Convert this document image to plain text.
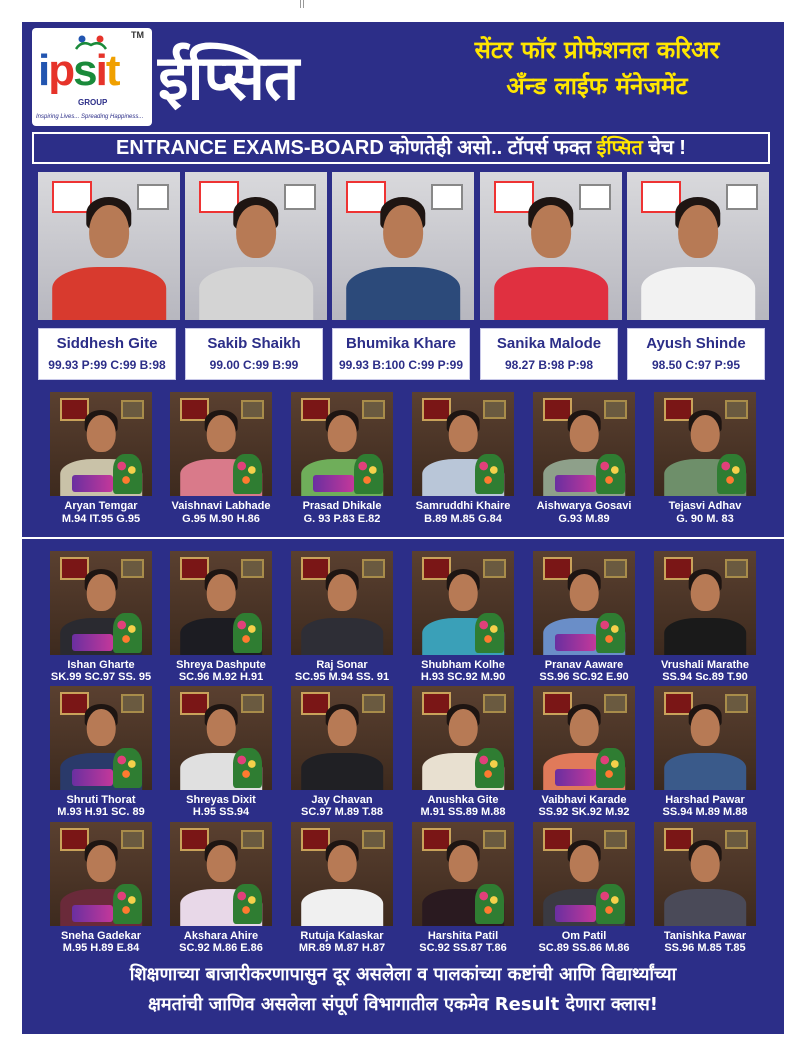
TM
ipsit
GROUP
Inspiring Lives... Spreading Happiness...
ईप्सित	सेंटर फॉर प्रोफेशनल करिअर
अँन्ड लाईफ मॅनेजमेंट
ENTRANCE EXAMS-BOARD कोणतेही असो.. टॉपर्स फक्त ईप्सित चेच !
Siddhesh Gite
99.93 P:99 C:99 B:98
Sakib Shaikh
99.00 C:99 B:99
Bhumika Khare
99.93 B:100 C:99 P:99
Sanika Malode
98.27 B:98 P:98
Ayush Shinde
98.50 C:97 P:95
Aryan Temgar
M.94 IT.95 G.95
Vaishnavi Labhade
G.95 M.90 H.86
Prasad Dhikale
G. 93 P.83 E.82
Samruddhi Khaire
B.89 M.85 G.84
Aishwarya Gosavi
G.93 M.89
Tejasvi Adhav
G. 90 M. 83
Ishan Gharte
SK.99 SC.97 SS. 95
Shreya Dashpute
SC.96 M.92 H.91
Raj Sonar
SC.95 M.94 SS. 91
Shubham Kolhe
H.93 SC.92 M.90
Pranav Aaware
SS.96 SC.92 E.90
Vrushali Marathe
SS.94 Sc.89 T.90
Shruti Thorat
M.93 H.91 SC. 89
Shreyas Dixit
H.95 SS.94
Jay Chavan
SC.97 M.89 T.88
Anushka Gite
M.91 SS.89 M.88
Vaibhavi Karade
SS.92 SK.92 M.92
Harshad Pawar
SS.94 M.89 M.88
Sneha Gadekar
M.95 H.89 E.84
Akshara Ahire
SC.92 M.86 E.86
Rutuja Kalaskar
MR.89 M.87 H.87
Harshita Patil
SC.92 SS.87 T.86
Om Patil
SC.89 SS.86 M.86
Tanishka Pawar
SS.96 M.85 T.85
शिक्षणाच्या बाजारीकरणापासुन दूर असलेला व पालकांच्या कष्टांची आणि विद्यार्थ्यांच्या
क्षमतांची जाणिव असलेला संपूर्ण विभागातील एकमेव Result देणारा क्लास!
